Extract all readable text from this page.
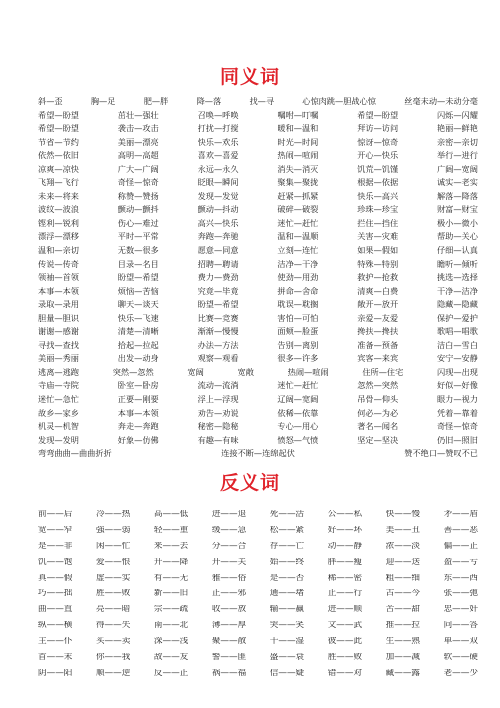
同义词
斜—歪	胸—足	肥—胖	降—落	找—寻	心惊肉跳—胆战心惊	丝毫未动—未动分毫
希望—盼望	茁壮—强壮	召唤—呼唤	嘱咐—叮嘱	希望—盼望	闪烁—闪耀
希望—盼望	袭击—攻击	打扰—打搅	暖和—温和	拜访—访问	艳丽—鲜艳
节省—节约	美丽—漂亮	快乐—欢乐	时光—时间	惊讶—惊奇	亲密—亲切
依然—依旧	高明—高超	喜欢—喜爱	热闹—喧闹	开心—快乐	举行—进行
凉爽—凉快	广大—广阔	永远—永久	消失—消灭	饥荒—饥馑	广阔—宽阔
飞翔—飞行	奇怪—惊奇	眨眼—瞬间	聚集—聚拢	根据—依据	诚实—老实
未来—将来	称赞—赞扬	发现—发觉	赶紧—抓紧	快乐—高兴	解落—降落
波纹—波浪	颤动—颤抖	颤动—抖动	破碎—破裂	珍珠—珍宝	财富—财宝
铿利—锐利	伤心—难过	高兴—快乐	迷忙—赶忙	拦住—挡住	极小—微小
漂浮—漂移	平时—平常	奔跑—奔驰	温和—温顺	关害—灾难	帮助—关心
温和—亲切	无数—很多	愿意—同意	立刻—连忙	如果—假如	仔细—认真
传说—传奇	目录—名目	招聘—聘请	洁净—干净	特殊—特别	瞻听—倾听
领袖—首领	盼望—希望	费力—费劲	使劲—用劲	救护—抢救	挑选—选择
本事—本领	烦恼—苦恼	究竟—毕竟	拼命—舍命	清爽—白费	干净—洁净
录取—录用	聊天—谈天	盼望—希望	耽误—耽搁	敞开—放开	隐藏—隐藏
胆量—胆识	快乐—飞速	比赛—竞赛	害怕—可怕	亲爱—友爱	保护—爱护
谢谢—感谢	清楚—清晰	渐渐—慢慢	面颊—脸蛋	搀扶—搀扶	歌唱—唱歌
寻找—查找	拾起—拉起	办法—方法	告别—离别	准备—预备	洁白—雪白
美丽—秀丽	出发—动身	观察—观看	很多—许多	宾客—来宾	安宁—安静
逃离—逃跑	突然—忽然	宽阔	宽敞	热闹—喧闹	住所—住宅	闪现—出现
寺庙—寺院	卧室—卧房	流动—流淌	迷忙—赶忙	忽然—突然	好似—好像
迷忙—急忙	正要—刚要	浮上—浮现	辽阔—宽阔	吊骨—仰头	眼力—视力
故乡—家乡	本事—本领	劝告—劝说	依稀—依靠	何必—为必	凭着—靠着
机灵—机智	奔走—奔跑	秘密—隐秘	专心—用心	著名—闻名	奇怪—惊奇
发现—发明	好象—仿佛	有趣—有味	愤怒—气愤	坚定—坚决	仍旧—照旧
弯弯曲曲—曲曲折折	连接不断—连绵起伏	赞不绝口—赞叹不已
反义词
前——后	冷——热	高——低	进——退	死——活	公——私	快——慢	矛——盾
宽——窄	强——弱	轻——重	缓——急	松——紧	好——坏	美——丑	善——恶
是——非	闲——忙	来——去	分——合	存——亡	动——静	浓——淡	偏——正
饥——饱	爱——恨	升——降	开——关	始——终	胖——瘦	迎——送	盈——亏
真——假	虚——实	有——无	雅——俗	是——否	稀——密	粗——细	东——西
巧——拙	胜——败	新——旧	正——邪	通——堵	止——行	古——今	张——弛
曲——直	亮——暗	宗——疏	收——放	输——赢	进——顺	苦——甜	忠——奸
纵——横	得——失	南——北	薄——厚	哭——笑	文——武	推——拉	问——答
主——仆	买——卖	深——浅	聚——散	干——湿	彼——此	生——熟	单——双
首——末	你——我	敌——友	警——匪	盛——衰	胜——败	加——减	软——硬
阴——阳	顺——逆	反——正	祸——福	信——疑	错——对	藏——露	老——少
